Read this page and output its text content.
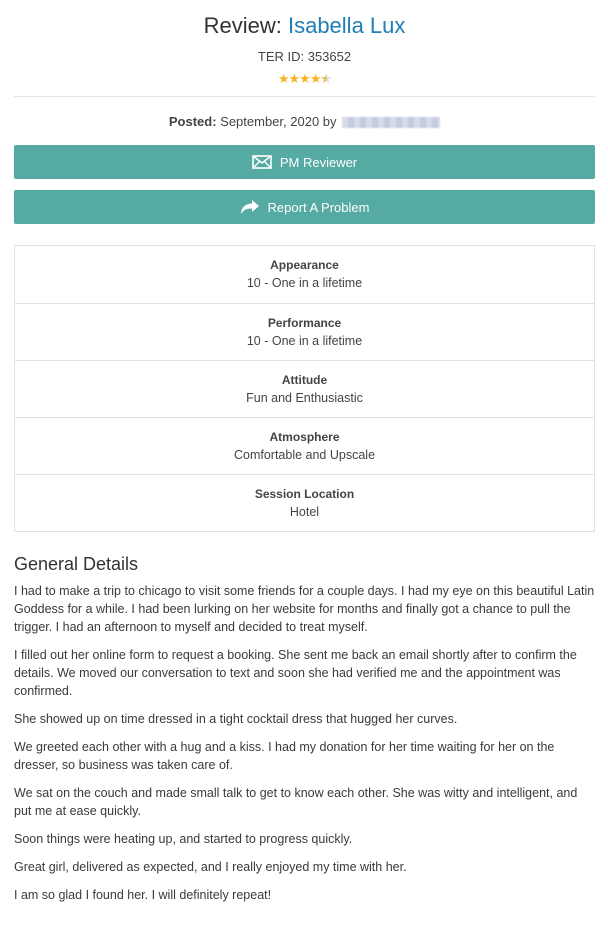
Review: Isabella Lux
TER ID: 353652
★★★★★ ★
Posted: September, 2020 by
PM Reviewer
Report A Problem
Appearance
10 - One in a lifetime
Performance
10 - One in a lifetime
Attitude
Fun and Enthusiastic
Atmosphere
Comfortable and Upscale
Session Location
Hotel
General Details

I had to make a trip to chicago to visit some friends for a couple days. I had my eye on this beautiful Latin Goddess for a while. I had been lurking on her website for months and finally got a chance to pull the trigger. I had an afternoon to myself and decided to treat myself.

I filled out her online form to request a booking. She sent me back an email shortly after to confirm the details. We moved our conversation to text and soon she had verified me and the appointment was confirmed.

She showed up on time dressed in a tight cocktail dress that hugged her curves.

We greeted each other with a hug and a kiss. I had my donation for her time waiting for her on the dresser, so business was taken care of.

We sat on the couch and made small talk to get to know each other. She was witty and intelligent, and put me at ease quickly.

Soon things were heating up, and started to progress quickly.

Great girl, delivered as expected, and I really enjoyed my time with her.

I am so glad I found her. I will definitely repeat!
